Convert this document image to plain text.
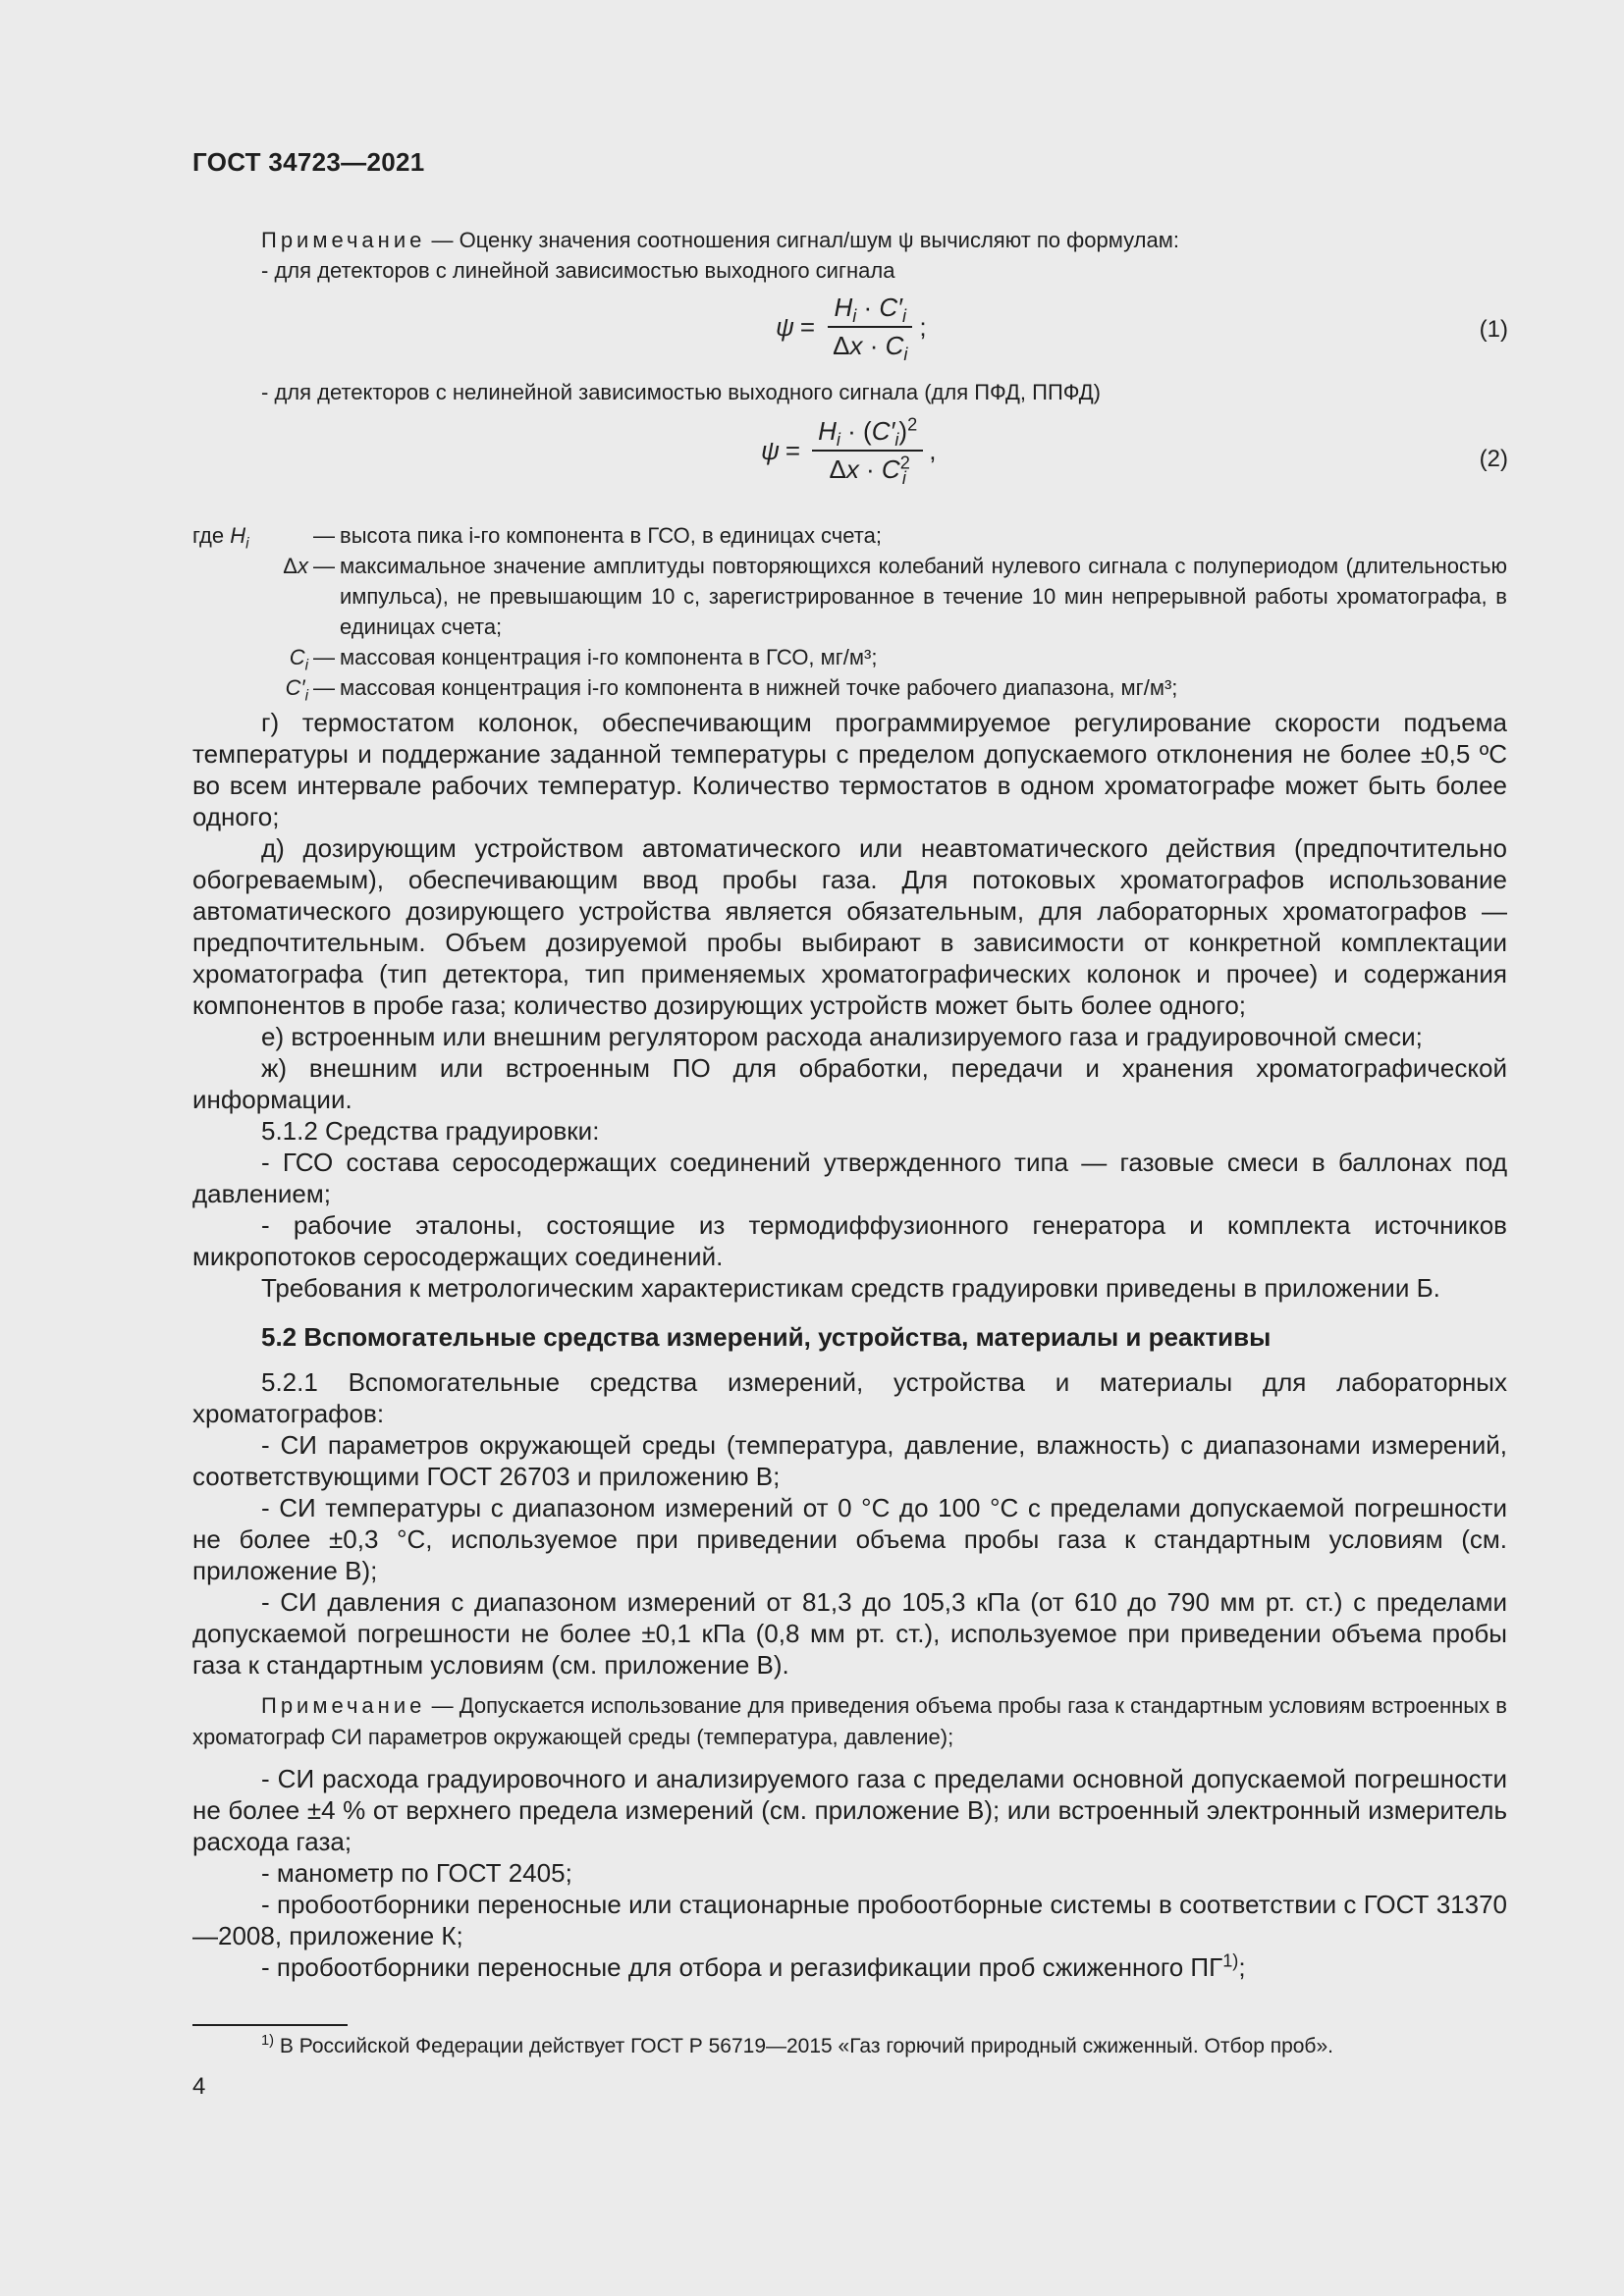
ГОСТ 34723—2021

Примечание — Оценку значения соотношения сигнал/шум ψ вычисляют по формулам:

- для детекторов с линейной зависимостью выходного сигнала
$\psi = \frac{H_i \cdot C'_i}{\Delta x \cdot C_i}$ ;	(1)
- для детекторов с нелинейной зависимостью выходного сигнала (для ПФД, ППФД)
$\psi = \frac{H_i \cdot (C'_i)^2}{\Delta x \cdot C^2_i}$ ,	(2)
где $H_i$	— высота пика i-го компонента в ГСО, в единицах счета;
Δx — максимальное значение амплитуды повторяющихся колебаний нулевого сигнала с полупериодом (длительностью импульса), не превышающим 10 с, зарегистрированное в течение 10 мин непрерывной работы хроматографа, в единицах счета;
$C_i$ — массовая концентрация i-го компонента в ГСО, мг/м³;
$C'_i$ — массовая концентрация i-го компонента в нижней точке рабочего диапазона, мг/м³;

г) термостатом колонок, обеспечивающим программируемое регулирование скорости подъема температуры и поддержание заданной температуры с пределом допускаемого отклонения не более ±0,5 ºС во всем интервале рабочих температур. Количество термостатов в одном хроматографе может быть более одного;

д) дозирующим устройством автоматического или неавтоматического действия (предпочтительно обогреваемым), обеспечивающим ввод пробы газа. Для потоковых хроматографов использование автоматического дозирующего устройства является обязательным, для лабораторных хроматографов — предпочтительным. Объем дозируемой пробы выбирают в зависимости от конкретной комплектации хроматографа (тип детектора, тип применяемых хроматографических колонок и прочее) и содержания компонентов в пробе газа; количество дозирующих устройств может быть более одного;

е) встроенным или внешним регулятором расхода анализируемого газа и градуировочной смеси;

ж) внешним или встроенным ПО для обработки, передачи и хранения хроматографической информации.

5.1.2 Средства градуировки:

- ГСО состава серосодержащих соединений утвержденного типа — газовые смеси в баллонах под давлением;

- рабочие эталоны, состоящие из термодиффузионного генератора и комплекта источников микропотоков серосодержащих соединений.

Требования к метрологическим характеристикам средств градуировки приведены в приложении Б.

5.2 Вспомогательные средства измерений, устройства, материалы и реактивы

5.2.1 Вспомогательные средства измерений, устройства и материалы для лабораторных хроматографов:

- СИ параметров окружающей среды (температура, давление, влажность) с диапазонами измерений, соответствующими ГОСТ 26703 и приложению В;

- СИ температуры с диапазоном измерений от 0 °С до 100 °С с пределами допускаемой погрешности не более ±0,3 °С, используемое при приведении объема пробы газа к стандартным условиям (см. приложение В);

- СИ давления с диапазоном измерений от 81,3 до 105,3 кПа (от 610 до 790 мм рт. ст.) с пределами допускаемой погрешности не более ±0,1 кПа (0,8 мм рт. ст.), используемое при приведении объема пробы газа к стандартным условиям (см. приложение В).

Примечание — Допускается использование для приведения объема пробы газа к стандартным условиям встроенных в хроматограф СИ параметров окружающей среды (температура, давление);

- СИ расхода градуировочного и анализируемого газа с пределами основной допускаемой погрешности не более ±4 % от верхнего предела измерений (см. приложение В); или встроенный электронный измеритель расхода газа;

- манометр по ГОСТ 2405;

- пробоотборники переносные или стационарные пробоотборные системы в соответствии с ГОСТ 31370—2008, приложение К;

- пробоотборники переносные для отбора и регазификации проб сжиженного ПГ$^{1)}$;

$^{1)}$ В Российской Федерации действует ГОСТ Р 56719—2015 «Газ горючий природный сжиженный. Отбор проб».
4
